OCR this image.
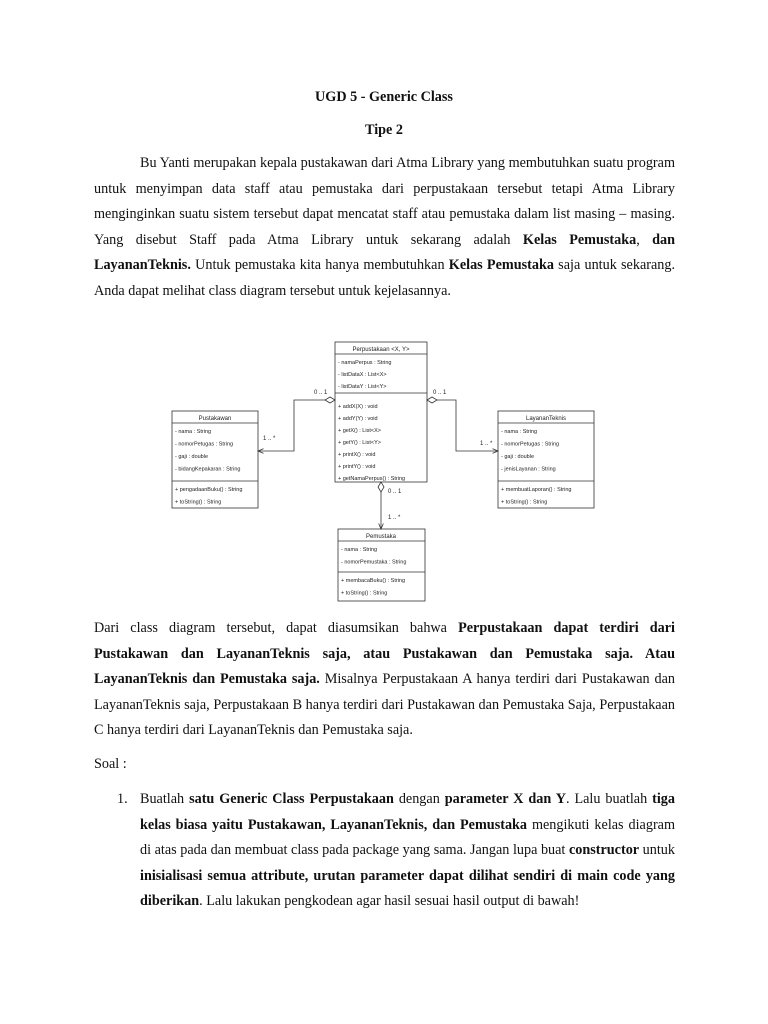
UGD 5 - Generic Class
Tipe 2

Bu Yanti merupakan kepala pustakawan dari Atma Library yang membutuhkan suatu program untuk menyimpan data staff atau pemustaka dari perpustakaan tersebut tetapi Atma Library menginginkan suatu sistem tersebut dapat mencatat staff atau pemustaka dalam list masing – masing. Yang disebut Staff pada Atma Library untuk sekarang adalah Kelas Pemustaka, dan LayananTeknis. Untuk pemustaka kita hanya membutuhkan Kelas Pemustaka saja untuk sekarang. Anda dapat melihat class diagram tersebut untuk kejelasannya.

Perpustakaan <X, Y>
- namaPerpus : String
- listDataX : List<X>
- listDataY : List<Y>
+ addX(X) : void
+ addY(Y) : void
+ getX() : List<X>
+ getY() : List<Y>
+ printX() : void
+ printY() : void
+ getNamaPerpus() : String
Pustakawan
- nama : String
- nomorPetugas : String
- gaji : double
- bidangKepakaran : String
+ pengadaanBuku() : String
+ toString() : String
LayananTeknis
- nama : String
- nomorPetugas : String
- gaji : double
- jenisLayanan : String
+ membuatLaporan() : String
+ toString() : String
Pemustaka
- nama : String
- nomorPemustaka : String
+ membacaBuku() : String
+ toString() : String
0 .. 1
1 .. *
0 .. 1
1 .. *
0 .. 1
1 .. *

Dari class diagram tersebut, dapat diasumsikan bahwa Perpustakaan dapat terdiri dari Pustakawan dan LayananTeknis saja, atau Pustakawan dan Pemustaka saja. Atau LayananTeknis dan Pemustaka saja. Misalnya Perpustakaan A hanya terdiri dari Pustakawan dan LayananTeknis saja, Perpustakaan B hanya terdiri dari Pustakawan dan Pemustaka Saja, Perpustakaan C hanya terdiri dari LayananTeknis dan Pemustaka saja.

Soal :
1. Buatlah satu Generic Class Perpustakaan dengan parameter X dan Y. Lalu buatlah tiga kelas biasa yaitu Pustakawan, LayananTeknis, dan Pemustaka mengikuti kelas diagram di atas pada dan membuat class pada package yang sama. Jangan lupa buat constructor untuk inisialisasi semua attribute, urutan parameter dapat dilihat sendiri di main code yang diberikan. Lalu lakukan pengkodean agar hasil sesuai hasil output di bawah!
